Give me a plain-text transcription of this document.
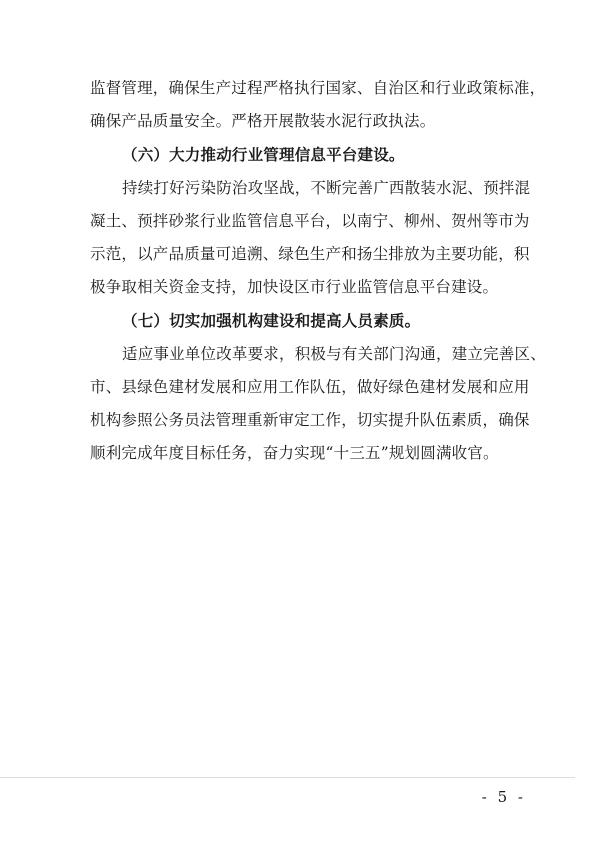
监督管理，确保生产过程严格执行国家、自治区和行业政策标准，
确保产品质量安全。严格开展散装水泥行政执法。
（六）大力推动行业管理信息平台建设。
持续打好污染防治攻坚战，不断完善广西散装水泥、预拌混
凝土、预拌砂浆行业监管信息平台，以南宁、柳州、贺州等市为
示范，以产品质量可追溯、绿色生产和扬尘排放为主要功能，积
极争取相关资金支持，加快设区市行业监管信息平台建设。
（七）切实加强机构建设和提高人员素质。
适应事业单位改革要求，积极与有关部门沟通，建立完善区、
市、县绿色建材发展和应用工作队伍，做好绿色建材发展和应用
机构参照公务员法管理重新审定工作，切实提升队伍素质，确保
顺利完成年度目标任务，奋力实现“十三五”规划圆满收官。
- 5 -
